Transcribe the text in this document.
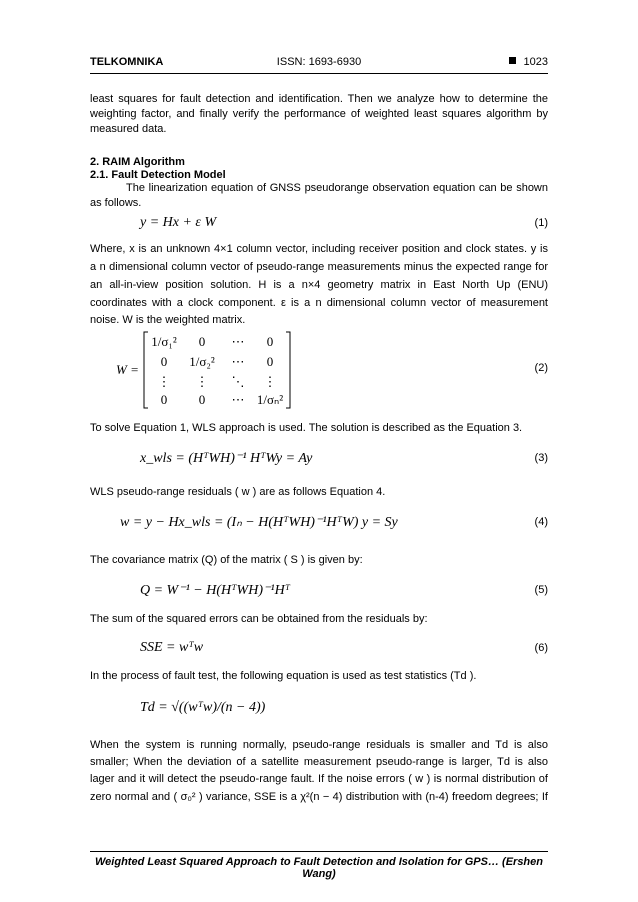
TELKOMNIKA	ISSN: 1693-6930	1023
least squares for fault detection and identification. Then we analyze how to determine the weighting factor, and finally verify the performance of weighted least squares algorithm by measured data.
2. RAIM Algorithm
2.1. Fault Detection Model
The linearization equation of GNSS pseudorange observation equation can be shown as follows.
y = Hx + ε W	(1)
Where, x is an unknown 4×1 column vector, including receiver position and clock states. y is
a n dimensional column vector of pseudo-range measurements minus the expected range for
an all-in-view position solution. H is a n×4 geometry matrix in East North Up (ENU)
coordinates with a clock component. ε is a n dimensional column vector of measurement
noise. W is the weighted matrix.
W =
1/σ₁² 0 ⋯ 0
0 1/σ₂² ⋯ 0
⋮ ⋮ ⋱ ⋮
0 0 ⋯ 1/σₙ²
(2)
To solve Equation 1, WLS approach is used. The solution is described as the Equation 3.
x_wls = (HᵀWH)⁻¹ HᵀWy = Ay	(3)
WLS pseudo-range residuals ( w ) are as follows Equation 4.
w = y − Hx_wls = (Iₙ − H(HᵀWH)⁻¹HᵀW) y = Sy	(4)
The covariance matrix (Q) of the matrix ( S ) is given by:
Q = W⁻¹ − H(HᵀWH)⁻¹Hᵀ	(5)
The sum of the squared errors can be obtained from the residuals by:
SSE = wᵀw	(6)
In the process of fault test, the following equation is used as test statistics (Td ).
Td = √((wᵀw)/(n − 4))
When the system is running normally, pseudo-range residuals is smaller and Td is also
smaller; When the deviation of a satellite measurement pseudo-range is larger, Td is also
lager and it will detect the pseudo-range fault. If the noise errors ( w ) is normal distribution of
zero normal and ( σ₀² ) variance, SSE is a χ²(n − 4) distribution with (n-4) freedom degrees; If
Weighted Least Squared Approach to Fault Detection and Isolation for GPS… (Ershen Wang)
